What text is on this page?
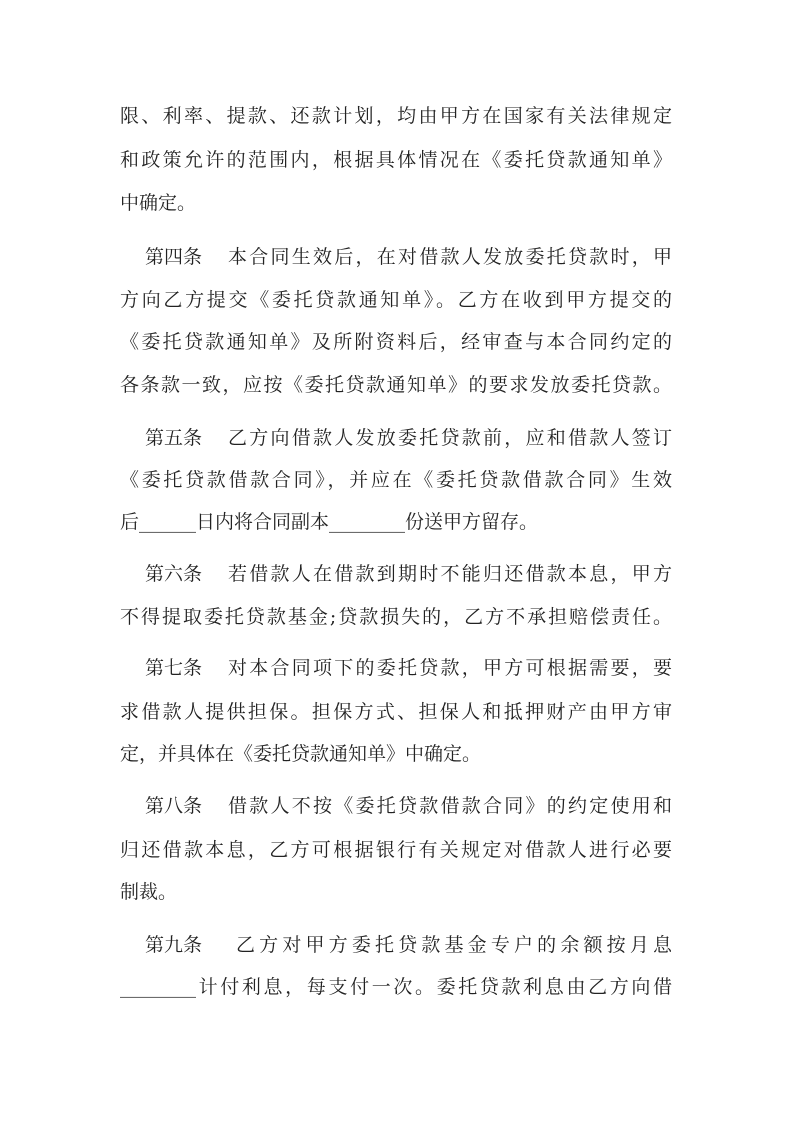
限、利率、提款、还款计划，均由甲方在国家有关法律规定
和政策允许的范围内，根据具体情况在《委托贷款通知单》
中确定。
第四条 本合同生效后，在对借款人发放委托贷款时，甲
方向乙方提交《委托贷款通知单》。乙方在收到甲方提交的
《委托贷款通知单》及所附资料后，经审查与本合同约定的
各条款一致，应按《委托贷款通知单》的要求发放委托贷款。
第五条 乙方向借款人发放委托贷款前，应和借款人签订
《委托贷款借款合同》，并应在《委托贷款借款合同》生效
后______日内将合同副本________份送甲方留存。
第六条 若借款人在借款到期时不能归还借款本息，甲方
不得提取委托贷款基金;贷款损失的，乙方不承担赔偿责任。
第七条 对本合同项下的委托贷款，甲方可根据需要，要
求借款人提供担保。担保方式、担保人和抵押财产由甲方审
定，并具体在《委托贷款通知单》中确定。
第八条 借款人不按《委托贷款借款合同》的约定使用和
归还借款本息，乙方可根据银行有关规定对借款人进行必要
制裁。
第九条 乙方对甲方委托贷款基金专户的余额按月息
________计付利息，每支付一次。委托贷款利息由乙方向借
